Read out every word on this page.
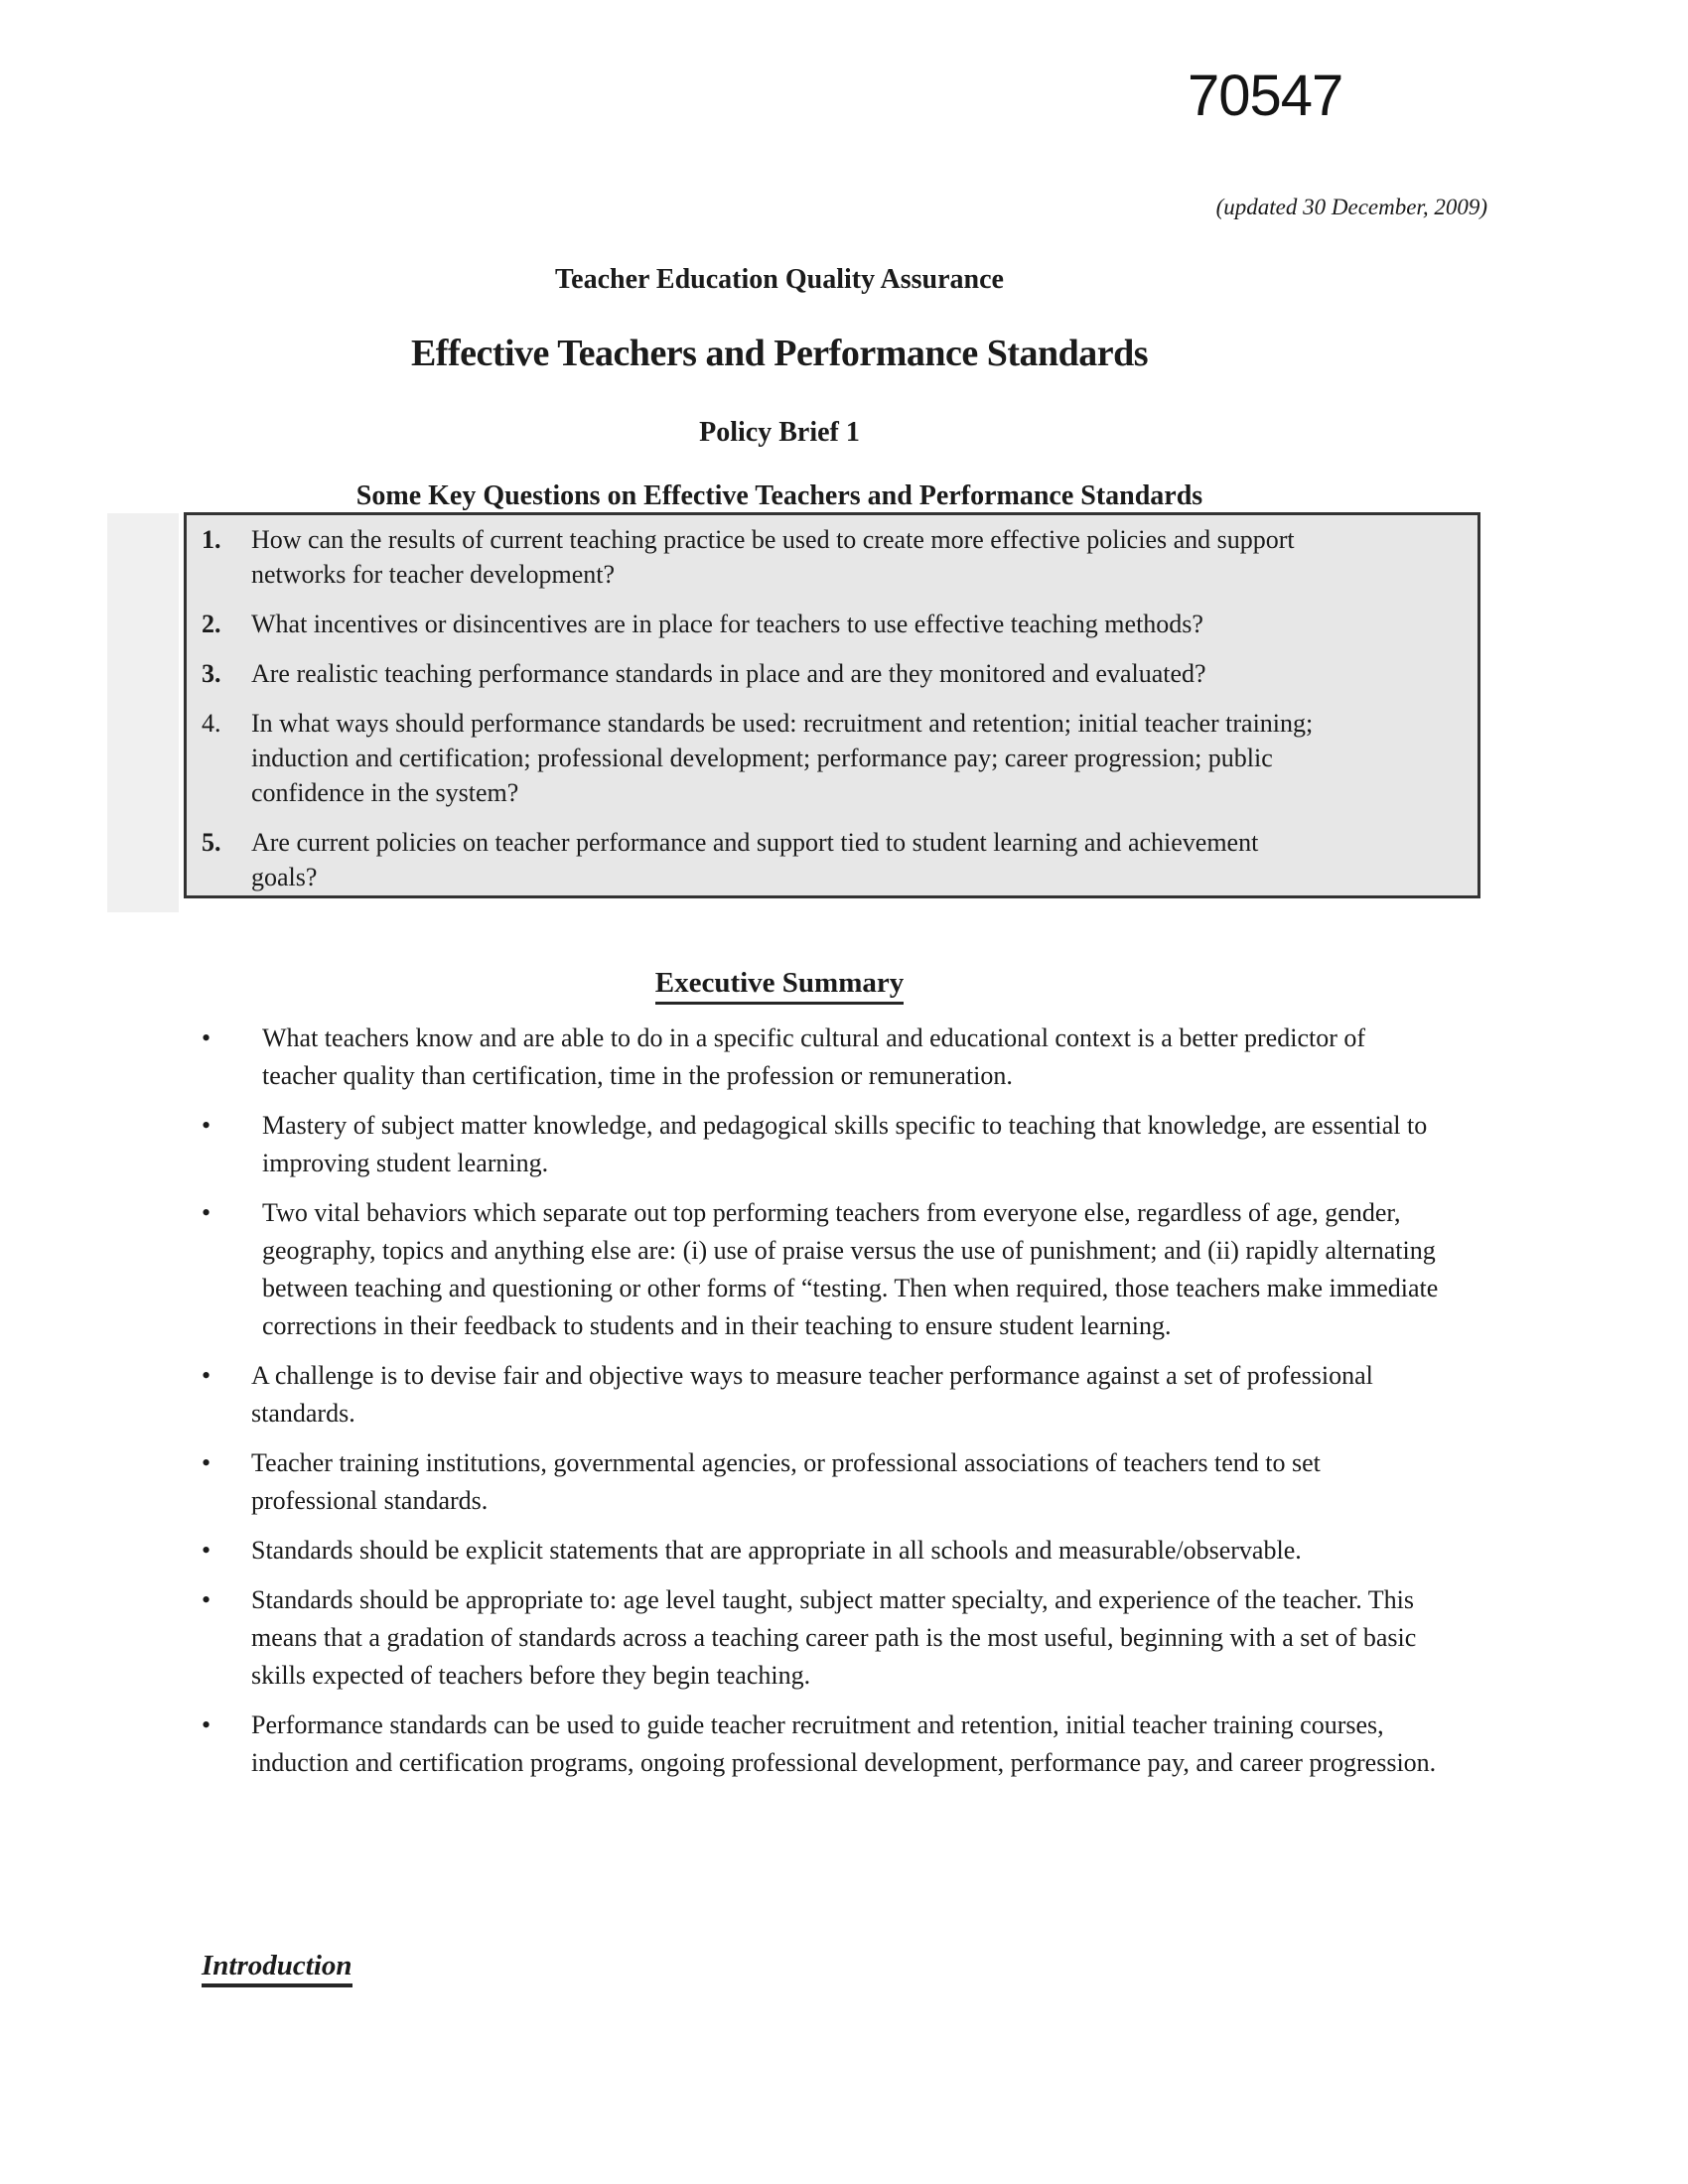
70547
(updated 30 December, 2009)
Teacher Education Quality Assurance
Effective Teachers and Performance Standards
Policy Brief 1
Some Key Questions on Effective Teachers and Performance Standards
1. How can the results of current teaching practice be used to create more effective policies and support networks for teacher development?
2. What incentives or disincentives are in place for teachers to use effective teaching methods?
3. Are realistic teaching performance standards in place and are they monitored and evaluated?
4. In what ways should performance standards be used: recruitment and retention; initial teacher training; induction and certification; professional development; performance pay; career progression; public confidence in the system?
5. Are current policies on teacher performance and support tied to student learning and achievement goals?
Executive Summary

• What teachers know and are able to do in a specific cultural and educational context is a better predictor of teacher quality than certification, time in the profession or remuneration.

• Mastery of subject matter knowledge, and pedagogical skills specific to teaching that knowledge, are essential to improving student learning.

• Two vital behaviors which separate out top performing teachers from everyone else, regardless of age, gender, geography, topics and anything else are: (i) use of praise versus the use of punishment; and (ii) rapidly alternating between teaching and questioning or other forms of “testing. Then when required, those teachers make immediate corrections in their feedback to students and in their teaching to ensure student learning.

• A challenge is to devise fair and objective ways to measure teacher performance against a set of professional standards.

• Teacher training institutions, governmental agencies, or professional associations of teachers tend to set professional standards.

• Standards should be explicit statements that are appropriate in all schools and measurable/observable.

• Standards should be appropriate to: age level taught, subject matter specialty, and experience of the teacher. This means that a gradation of standards across a teaching career path is the most useful, beginning with a set of basic skills expected of teachers before they begin teaching.

• Performance standards can be used to guide teacher recruitment and retention, initial teacher training courses, induction and certification programs, ongoing professional development, performance pay, and career progression.

Introduction
